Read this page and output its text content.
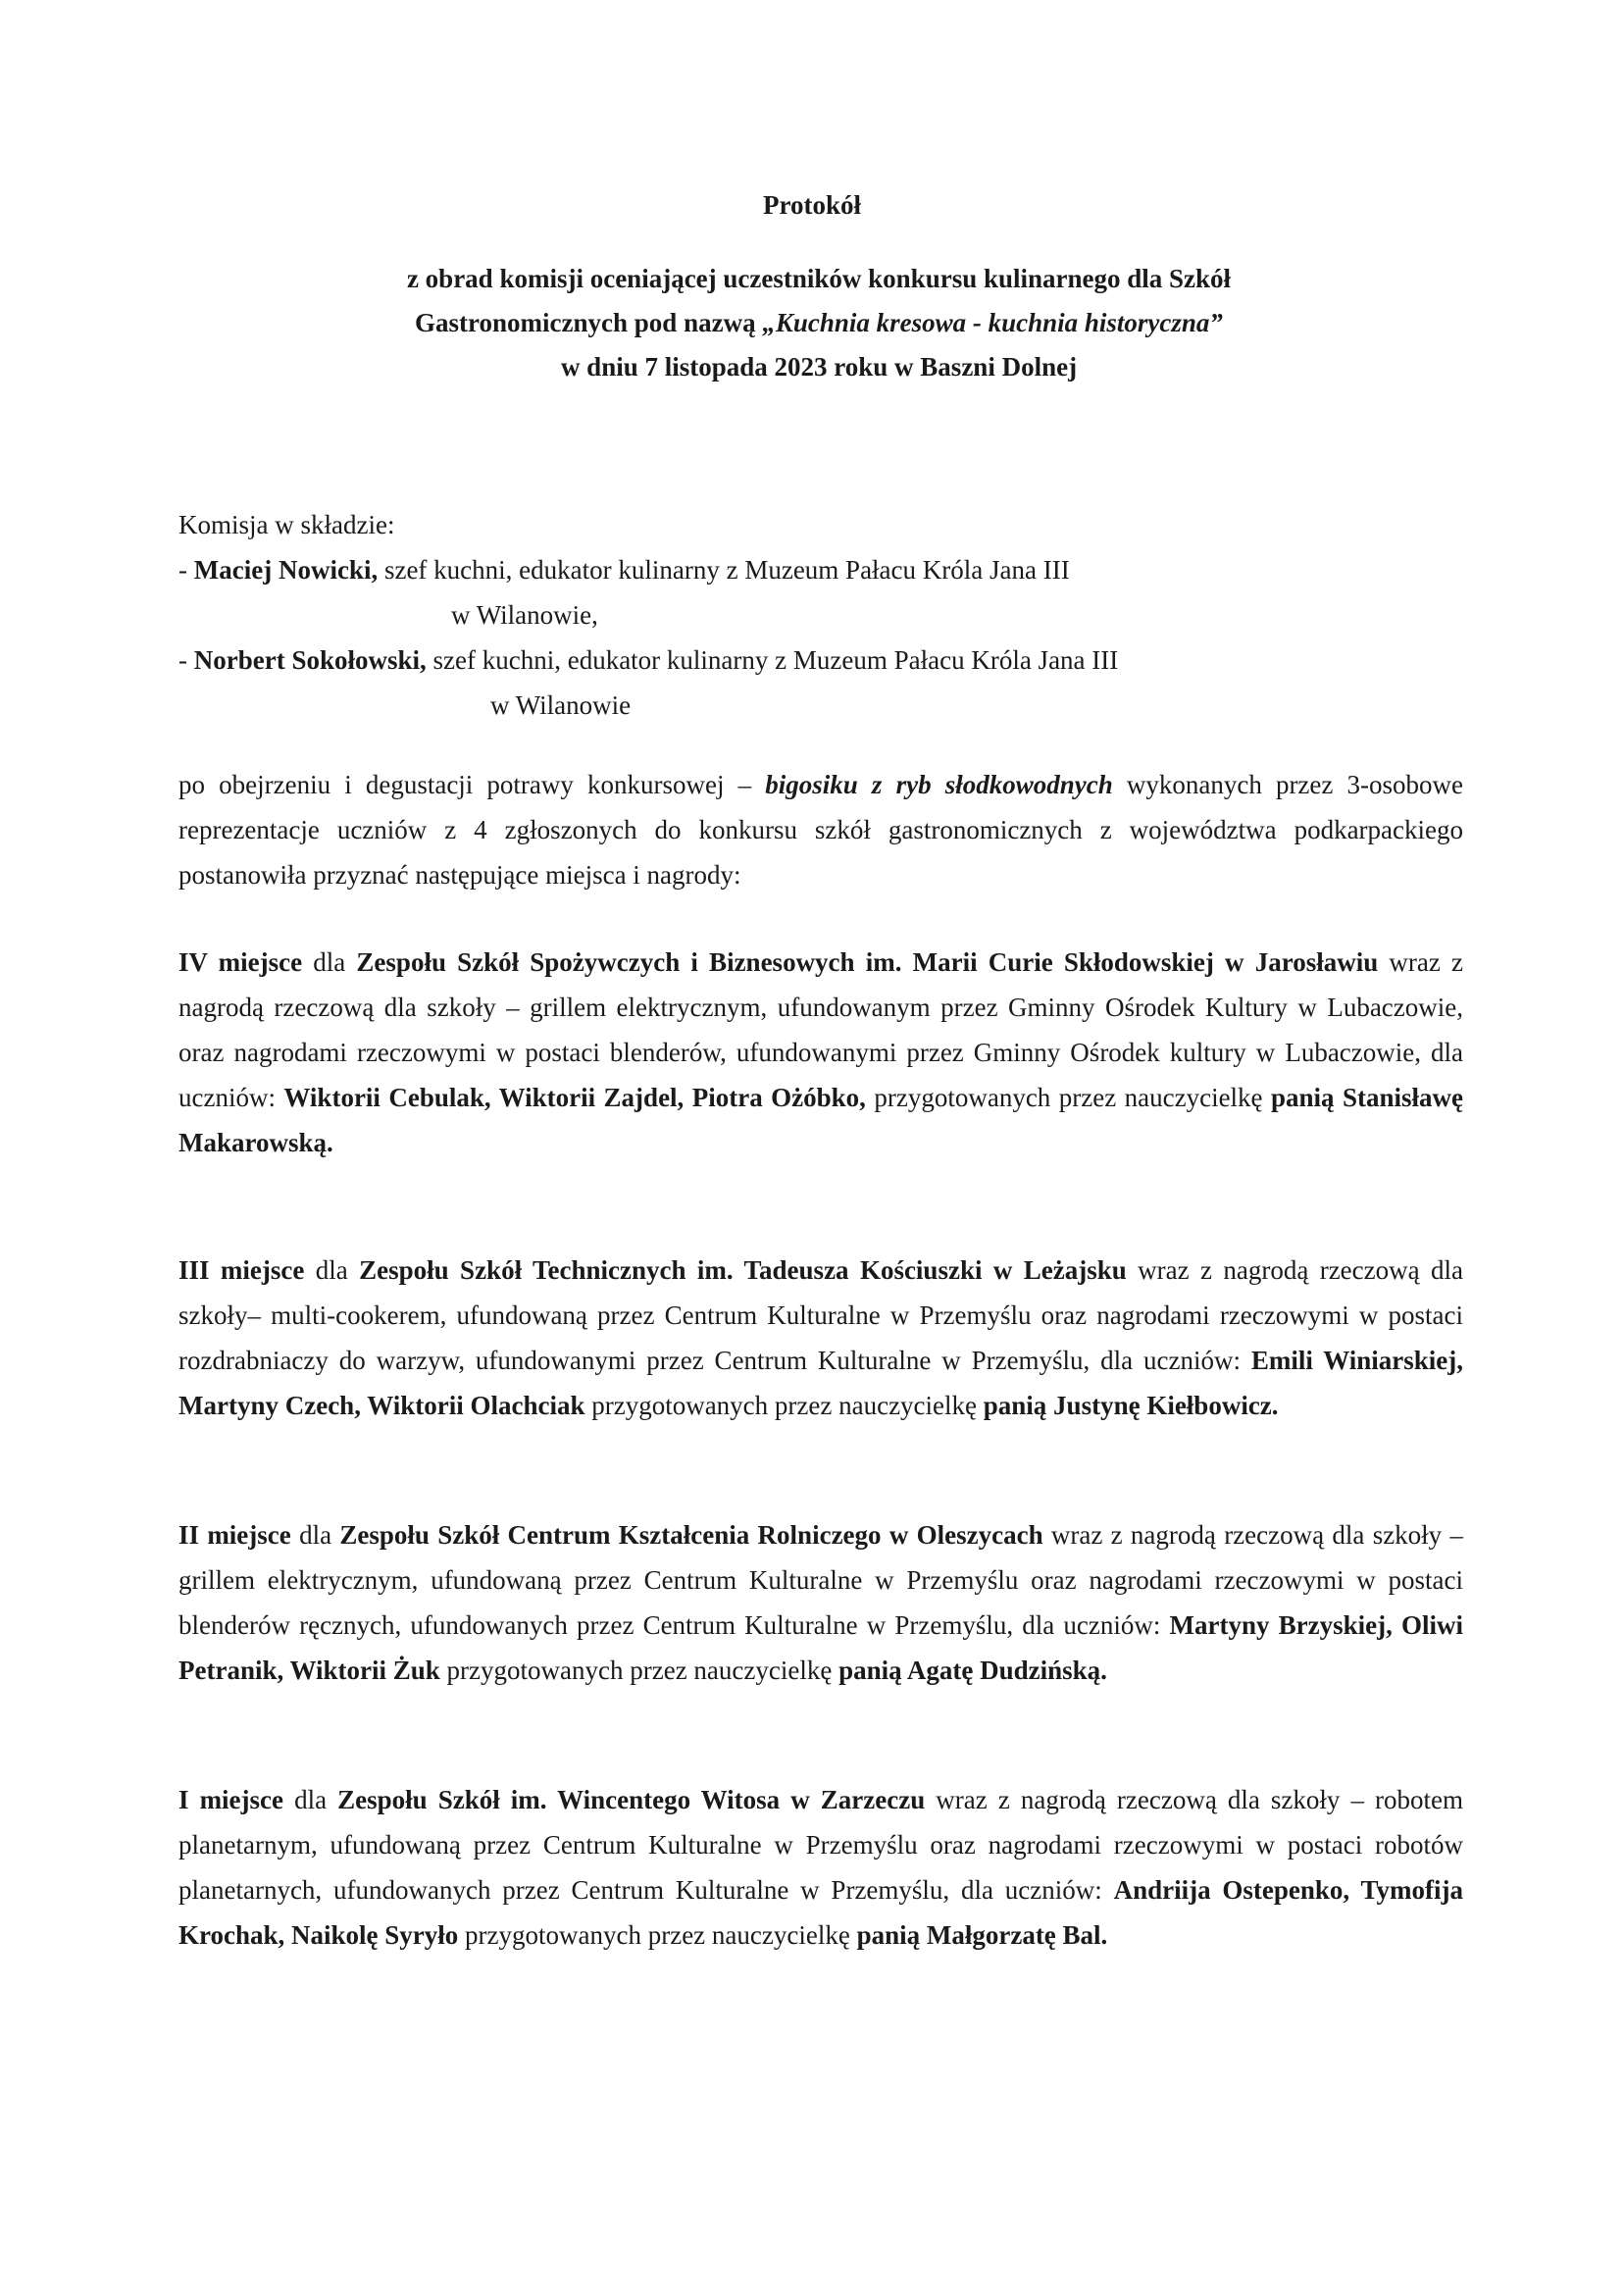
Protokół
z obrad komisji oceniającej uczestników konkursu kulinarnego dla Szkół
Gastronomicznych pod nazwą „Kuchnia kresowa - kuchnia historyczna”
w dniu 7 listopada 2023 roku w Baszni Dolnej
Komisja w składzie:
- Maciej Nowicki, szef kuchni, edukator kulinarny z Muzeum Pałacu Króla Jana III
w Wilanowie,
- Norbert Sokołowski, szef kuchni, edukator kulinarny z Muzeum Pałacu Króla Jana III
w Wilanowie

po obejrzeniu i degustacji potrawy konkursowej – bigosiku z ryb słodkowodnych wykonanych przez 3-osobowe reprezentacje uczniów z 4 zgłoszonych do konkursu szkół gastronomicznych z województwa podkarpackiego postanowiła przyznać następujące miejsca i nagrody:

IV miejsce dla Zespołu Szkół Spożywczych i Biznesowych im. Marii Curie Skłodowskiej w Jarosławiu wraz z nagrodą rzeczową dla szkoły – grillem elektrycznym, ufundowanym przez Gminny Ośrodek Kultury w Lubaczowie, oraz nagrodami rzeczowymi w postaci blenderów, ufundowanymi przez Gminny Ośrodek kultury w Lubaczowie, dla uczniów: Wiktorii Cebulak, Wiktorii Zajdel, Piotra Ożóbko, przygotowanych przez nauczycielkę panią Stanisławę Makarowską.

III miejsce dla Zespołu Szkół Technicznych im. Tadeusza Kościuszki w Leżajsku wraz z nagrodą rzeczową dla szkoły– multi-cookerem, ufundowaną przez Centrum Kulturalne w Przemyślu oraz nagrodami rzeczowymi w postaci rozdrabniaczy do warzyw, ufundowanymi przez Centrum Kulturalne w Przemyślu, dla uczniów: Emili Winiarskiej, Martyny Czech, Wiktorii Olachciak przygotowanych przez nauczycielkę panią Justynę Kiełbowicz.

II miejsce dla Zespołu Szkół Centrum Kształcenia Rolniczego w Oleszycach wraz z nagrodą rzeczową dla szkoły – grillem elektrycznym, ufundowaną przez Centrum Kulturalne w Przemyślu oraz nagrodami rzeczowymi w postaci blenderów ręcznych, ufundowanych przez Centrum Kulturalne w Przemyślu, dla uczniów: Martyny Brzyskiej, Oliwi Petranik, Wiktorii Żuk przygotowanych przez nauczycielkę panią Agatę Dudzińską.

I miejsce dla Zespołu Szkół im. Wincentego Witosa w Zarzeczu wraz z nagrodą rzeczową dla szkoły – robotem planetarnym, ufundowaną przez Centrum Kulturalne w Przemyślu oraz nagrodami rzeczowymi w postaci robotów planetarnych, ufundowanych przez Centrum Kulturalne w Przemyślu, dla uczniów: Andriija Ostepenko, Tymofija Krochak, Naikolę Syryło przygotowanych przez nauczycielkę panią Małgorzatę Bal.
